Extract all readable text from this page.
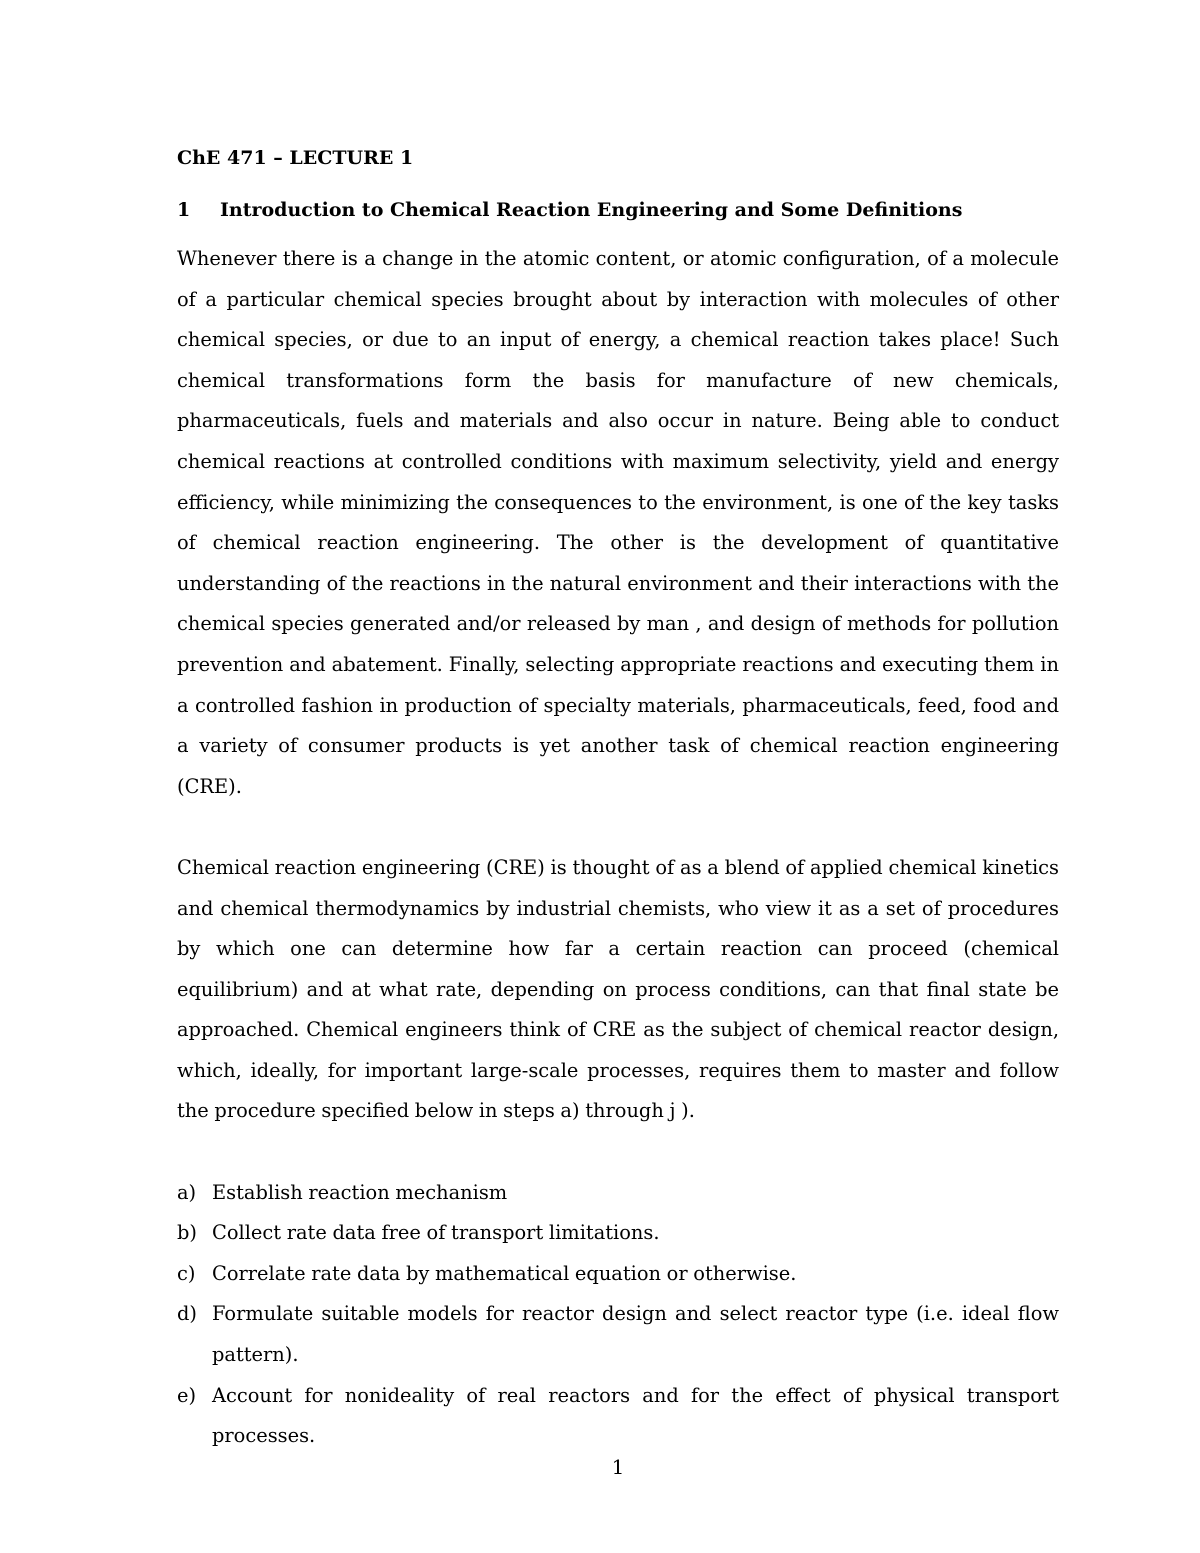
ChE 471 – LECTURE 1
1 Introduction to Chemical Reaction Engineering and Some Definitions

Whenever there is a change in the atomic content, or atomic configuration, of a molecule of a particular chemical species brought about by interaction with molecules of other chemical species, or due to an input of energy, a chemical reaction takes place! Such chemical transformations form the basis for manufacture of new chemicals, pharmaceuticals, fuels and materials and also occur in nature. Being able to conduct chemical reactions at controlled conditions with maximum selectivity, yield and energy efficiency, while minimizing the consequences to the environment, is one of the key tasks of chemical reaction engineering. The other is the development of quantitative understanding of the reactions in the natural environment and their interactions with the chemical species generated and/or released by man , and design of methods for pollution prevention and abatement. Finally, selecting appropriate reactions and executing them in a controlled fashion in production of specialty materials, pharmaceuticals, feed, food and a variety of consumer products is yet another task of chemical reaction engineering (CRE).

Chemical reaction engineering (CRE) is thought of as a blend of applied chemical kinetics and chemical thermodynamics by industrial chemists, who view it as a set of procedures by which one can determine how far a certain reaction can proceed (chemical equilibrium) and at what rate, depending on process conditions, can that final state be approached. Chemical engineers think of CRE as the subject of chemical reactor design, which, ideally, for important large-scale processes, requires them to master and follow the procedure specified below in steps a) through j ).

a) Establish reaction mechanism
b) Collect rate data free of transport limitations.
c) Correlate rate data by mathematical equation or otherwise.
d) Formulate suitable models for reactor design and select reactor type (i.e. ideal flow pattern).
e) Account for nonideality of real reactors and for the effect of physical transport processes.
1
